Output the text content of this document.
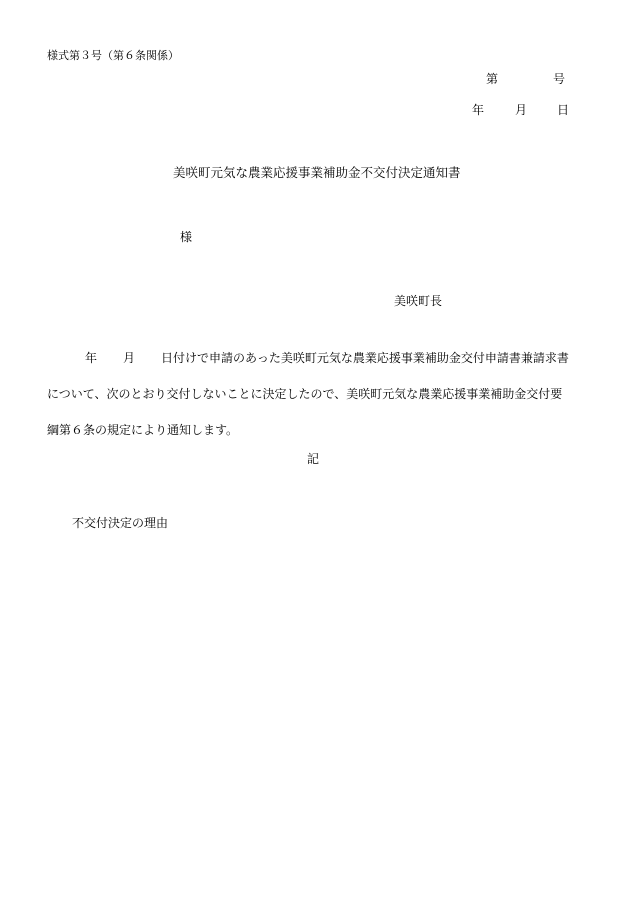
様式第３号（第６条関係）
第	号
年	月 日
美咲町元気な農業応援事業補助金不交付決定通知書
様
美咲町長
年 月 日付けで申請のあった美咲町元気な農業応援事業補助金交付申請書兼請求書
について、次のとおり交付しないことに決定したので、美咲町元気な農業応援事業補助金交付要
綱第６条の規定により通知します。
記
不交付決定の理由
